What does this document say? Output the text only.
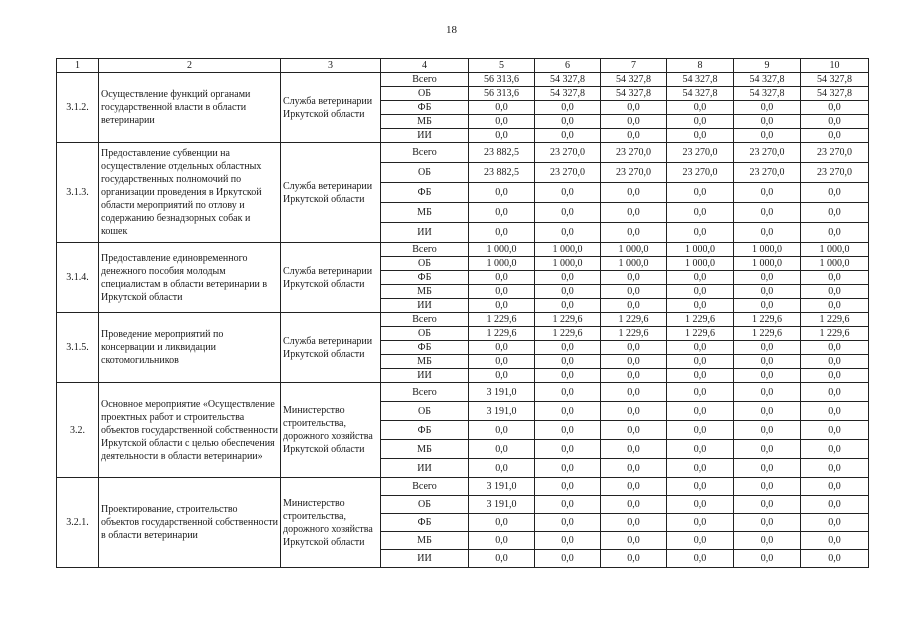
18
1	2	3	4	5	6	7	8	9	10
3.1.2.	Осуществление функций органами государственной власти в области ветеринарии	Служба ветеринарии Иркутской области	Всего	56 313,6	54 327,8	54 327,8	54 327,8	54 327,8	54 327,8
			ОБ	56 313,6	54 327,8	54 327,8	54 327,8	54 327,8	54 327,8
			ФБ	0,0	0,0	0,0	0,0	0,0	0,0
			МБ	0,0	0,0	0,0	0,0	0,0	0,0
			ИИ	0,0	0,0	0,0	0,0	0,0	0,0
3.1.3.	Предоставление субвенции на осуществление отдельных областных государственных полномочий по организации проведения в Иркутской области мероприятий по отлову и содержанию безнадзорных собак и кошек	Служба ветеринарии Иркутской области	Всего	23 882,5	23 270,0	23 270,0	23 270,0	23 270,0	23 270,0
			ОБ	23 882,5	23 270,0	23 270,0	23 270,0	23 270,0	23 270,0
			ФБ	0,0	0,0	0,0	0,0	0,0	0,0
			МБ	0,0	0,0	0,0	0,0	0,0	0,0
			ИИ	0,0	0,0	0,0	0,0	0,0	0,0
3.1.4.	Предоставление единовременного денежного пособия молодым специалистам в области ветеринарии в Иркутской области	Служба ветеринарии Иркутской области	Всего	1 000,0	1 000,0	1 000,0	1 000,0	1 000,0	1 000,0
			ОБ	1 000,0	1 000,0	1 000,0	1 000,0	1 000,0	1 000,0
			ФБ	0,0	0,0	0,0	0,0	0,0	0,0
			МБ	0,0	0,0	0,0	0,0	0,0	0,0
			ИИ	0,0	0,0	0,0	0,0	0,0	0,0
3.1.5.	Проведение мероприятий по консервации и ликвидации скотомогильников	Служба ветеринарии Иркутской области	Всего	1 229,6	1 229,6	1 229,6	1 229,6	1 229,6	1 229,6
			ОБ	1 229,6	1 229,6	1 229,6	1 229,6	1 229,6	1 229,6
			ФБ	0,0	0,0	0,0	0,0	0,0	0,0
			МБ	0,0	0,0	0,0	0,0	0,0	0,0
			ИИ	0,0	0,0	0,0	0,0	0,0	0,0
3.2.	Основное мероприятие «Осуществление проектных работ и строительства объектов государственной собственности Иркутской области с целью обеспечения деятельности в области ветеринарии»	Министерство строительства, дорожного хозяйства Иркутской области	Всего	3 191,0	0,0	0,0	0,0	0,0	0,0
			ОБ	3 191,0	0,0	0,0	0,0	0,0	0,0
			ФБ	0,0	0,0	0,0	0,0	0,0	0,0
			МБ	0,0	0,0	0,0	0,0	0,0	0,0
			ИИ	0,0	0,0	0,0	0,0	0,0	0,0
3.2.1.	Проектирование, строительство объектов государственной собственности в области ветеринарии	Министерство строительства, дорожного хозяйства Иркутской области	Всего	3 191,0	0,0	0,0	0,0	0,0	0,0
			ОБ	3 191,0	0,0	0,0	0,0	0,0	0,0
			ФБ	0,0	0,0	0,0	0,0	0,0	0,0
			МБ	0,0	0,0	0,0	0,0	0,0	0,0
			ИИ	0,0	0,0	0,0	0,0	0,0	0,0
